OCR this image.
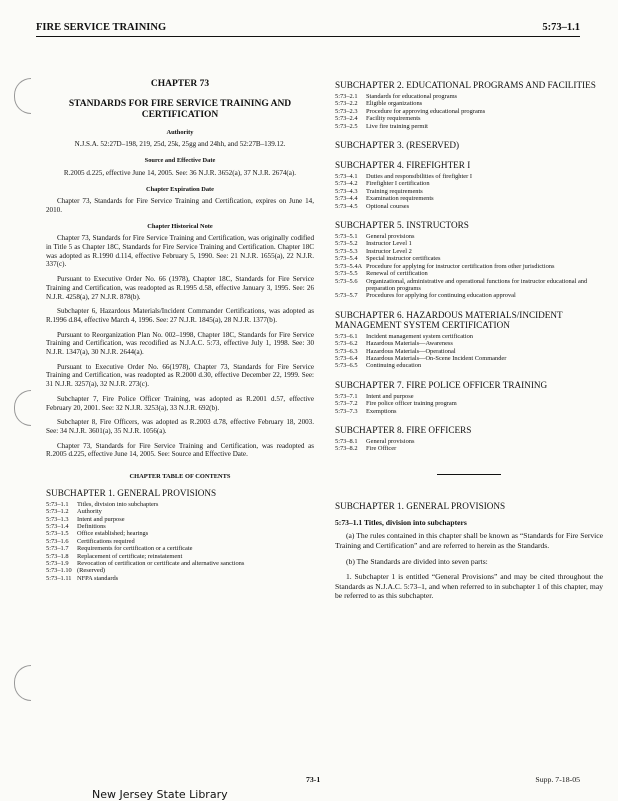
FIRE SERVICE TRAINING	5:73–1.1
CHAPTER 73
STANDARDS FOR FIRE SERVICE TRAINING AND CERTIFICATION
Authority
N.J.S.A. 52:27D–198, 219, 25d, 25k, 25gg and 24hh, and 52:27B–139.12.
Source and Effective Date
R.2005 d.225, effective June 14, 2005. See: 36 N.J.R. 3652(a), 37 N.J.R. 2674(a).
Chapter Expiration Date

Chapter 73, Standards for Fire Service Training and Certification, expires on June 14, 2010.

Chapter Historical Note

Chapter 73, Standards for Fire Service Training and Certification, was originally codified in Title 5 as Chapter 18C, Standards for Fire Service Training and Certification. Chapter 18C was adopted as R.1990 d.114, effective February 5, 1990. See: 21 N.J.R. 1655(a), 22 N.J.R. 337(c).

Pursuant to Executive Order No. 66 (1978), Chapter 18C, Standards for Fire Service Training and Certification, was readopted as R.1995 d.58, effective January 3, 1995. See: 26 N.J.R. 4258(a), 27 N.J.R. 878(b).

Subchapter 6, Hazardous Materials/Incident Commander Certifications, was adopted as R.1996 d.84, effective March 4, 1996. See: 27 N.J.R. 1845(a), 28 N.J.R. 1377(b).

Pursuant to Reorganization Plan No. 002–1998, Chapter 18C, Standards for Fire Service Training and Certification, was recodified as N.J.A.C. 5:73, effective July 1, 1998. See: 30 N.J.R. 1347(a), 30 N.J.R. 2644(a).

Pursuant to Executive Order No. 66(1978), Chapter 73, Standards for Fire Service Training and Certification, was readopted as R.2000 d.30, effective December 22, 1999. See: 31 N.J.R. 3257(a), 32 N.J.R. 273(c).

Subchapter 7, Fire Police Officer Training, was adopted as R.2001 d.57, effective February 20, 2001. See: 32 N.J.R. 3253(a), 33 N.J.R. 692(b).

Subchapter 8, Fire Officers, was adopted as R.2003 d.78, effective February 18, 2003. See: 34 N.J.R. 3601(a), 35 N.J.R. 1056(a).

Chapter 73, Standards for Fire Service Training and Certification, was readopted as R.2005 d.225, effective June 14, 2005. See: Source and Effective Date.

CHAPTER TABLE OF CONTENTS
SUBCHAPTER 1. GENERAL PROVISIONS
5:73–1.1	Titles, division into subchapters
5:73–1.2	Authority
5:73–1.3	Intent and purpose
5:73–1.4	Definitions
5:73–1.5	Office established; hearings
5:73–1.6	Certifications required
5:73–1.7	Requirements for certification or a certificate
5:73–1.8	Replacement of certificate; reinstatement
5:73–1.9	Revocation of certification or certificate and alternative sanctions
5:73–1.10 (Reserved)
5:73–1.11 NFPA standards
SUBCHAPTER 2. EDUCATIONAL PROGRAMS AND FACILITIES
5:73–2.1	Standards for educational programs
5:73–2.2	Eligible organizations
5:73–2.3	Procedure for approving educational programs
5:73–2.4	Facility requirements
5:73–2.5	Live fire training permit
SUBCHAPTER 3. (RESERVED)
SUBCHAPTER 4. FIREFIGHTER I
5:73–4.1	Duties and responsibilities of firefighter I
5:73–4.2	Firefighter I certification
5:73–4.3	Training requirements
5:73–4.4	Examination requirements
5:73–4.5	Optional courses
SUBCHAPTER 5. INSTRUCTORS
5:73–5.1	General provisions
5:73–5.2	Instructor Level 1
5:73–5.3	Instructor Level 2
5:73–5.4	Special instructor certificates
5:73–5.4A Procedure for applying for instructor certification from other jurisdictions
5:73–5.5	Renewal of certification
5:73–5.6	Organizational, administrative and operational functions for instructor educational and preparation programs
5:73–5.7	Procedures for applying for continuing education approval
SUBCHAPTER 6. HAZARDOUS MATERIALS/INCIDENT MANAGEMENT SYSTEM CERTIFICATION
5:73–6.1	Incident management system certification
5:73–6.2	Hazardous Materials—Awareness
5:73–6.3	Hazardous Materials—Operational
5:73–6.4	Hazardous Materials—On-Scene Incident Commander
5:73–6.5	Continuing education
SUBCHAPTER 7. FIRE POLICE OFFICER TRAINING
5:73–7.1	Intent and purpose
5:73–7.2	Fire police officer training program
5:73–7.3	Exemptions
SUBCHAPTER 8. FIRE OFFICERS
5:73–8.1	General provisions
5:73–8.2	Fire Officer
SUBCHAPTER 1. GENERAL PROVISIONS
5:73–1.1 Titles, division into subchapters

(a) The rules contained in this chapter shall be known as “Standards for Fire Service Training and Certification” and are referred to herein as the Standards.

(b) The Standards are divided into seven parts:

1. Subchapter 1 is entitled “General Provisions” and may be cited throughout the Standards as N.J.A.C. 5:73–1, and when referred to in subchapter 1 of this chapter, may be referred to as this subchapter.

73-1	Supp. 7-18-05
New Jersey State Library
